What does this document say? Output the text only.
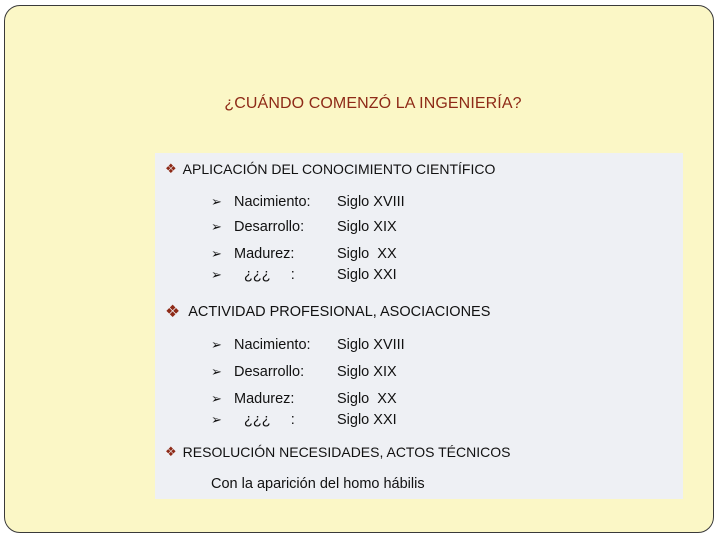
¿CUÁNDO COMENZÓ LA INGENIERÍA?
❖ APLICACIÓN DEL CONOCIMIENTO CIENTÍFICO
➢ Nacimiento: Siglo XVIII
➢ Desarrollo: Siglo XIX
➢ Madurez:	Siglo  XX
➢ ¿¿¿     :	Siglo XXI
❖ ACTIVIDAD PROFESIONAL, ASOCIACIONES
➢ Nacimiento: Siglo XVIII
➢ Desarrollo: Siglo XIX
➢ Madurez:	Siglo  XX
➢ ¿¿¿     :	Siglo XXI
❖ RESOLUCIÓN NECESIDADES, ACTOS TÉCNICOS
Con la aparición del homo hábilis
